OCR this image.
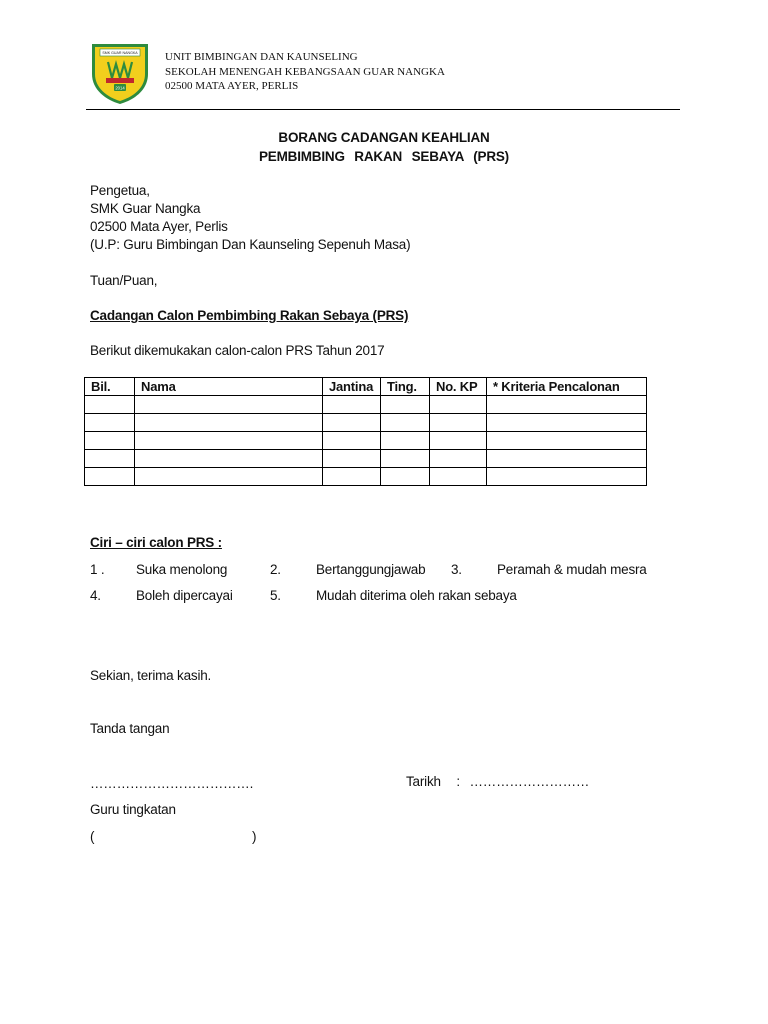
SMK GUAR NANGKA
2014
UNIT BIMBINGAN DAN KAUNSELING
SEKOLAH MENENGAH KEBANGSAAN GUAR NANGKA
02500 MATA AYER, PERLIS
BORANG CADANGAN KEAHLIAN
PEMBIMBING RAKAN SEBAYA (PRS)
Pengetua,
SMK Guar Nangka
02500 Mata Ayer, Perlis
(U.P: Guru Bimbingan Dan Kaunseling Sepenuh Masa)
Tuan/Puan,
Cadangan Calon Pembimbing Rakan Sebaya (PRS)
Berikut dikemukakan calon-calon PRS Tahun 2017
Bil.	Nama	Jantina	Ting.	No. KP	* Kriteria Pencalonan

Ciri – ciri calon PRS :
1 . Suka menolong	2.	Bertanggungjawab 3.	Peramah & mudah mesra
4.	Boleh dipercayai	5.	Mudah diterima oleh rakan sebaya
Sekian, terima kasih.
Tanda tangan
……………………………….	Tarikh : ………………………
Guru tingkatan
(	)
